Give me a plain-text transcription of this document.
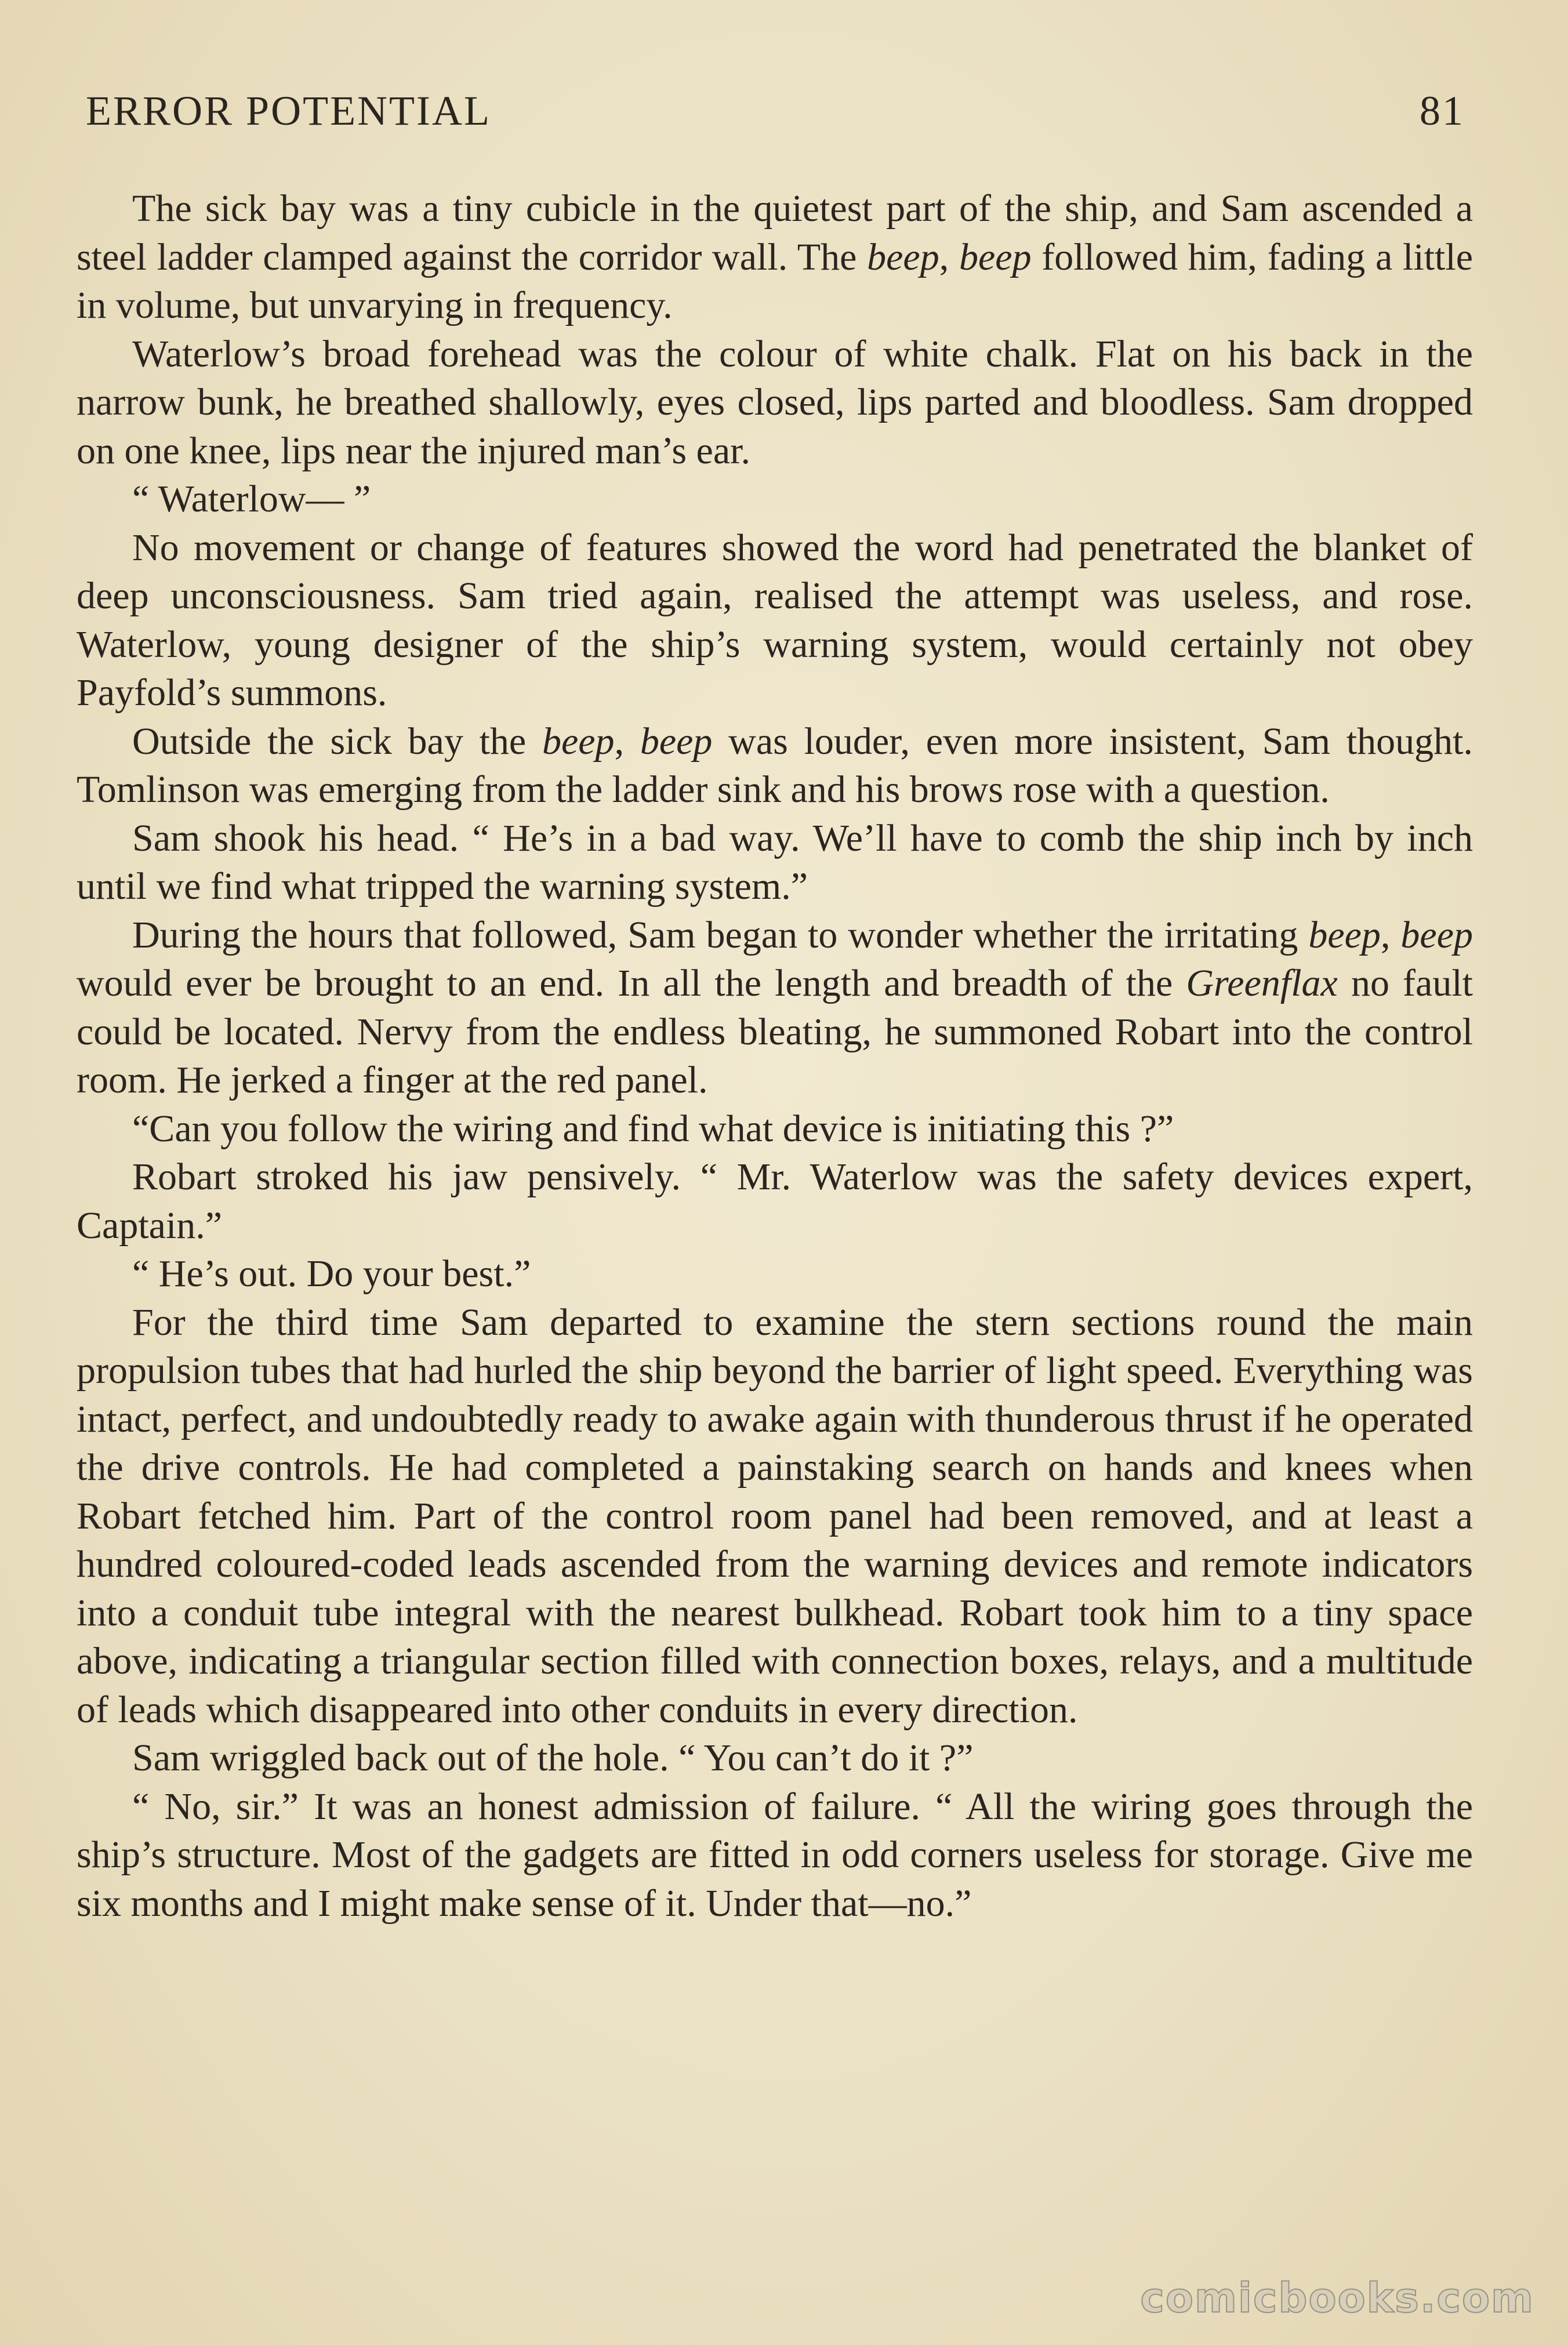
ERROR POTENTIAL	81

The sick bay was a tiny cubicle in the quietest part of the ship, and Sam ascended a steel ladder clamped against the corridor wall. The beep, beep followed him, fading a little in volume, but unvarying in frequency.

Waterlow’s broad forehead was the colour of white chalk. Flat on his back in the narrow bunk, he breathed shallowly, eyes closed, lips parted and bloodless. Sam dropped on one knee, lips near the injured man’s ear.

“ Waterlow— ”

No movement or change of features showed the word had penetrated the blanket of deep unconsciousness. Sam tried again, realised the attempt was useless, and rose. Waterlow, young designer of the ship’s warning system, would certainly not obey Payfold’s summons.

Outside the sick bay the beep, beep was louder, even more insistent, Sam thought. Tomlinson was emerging from the ladder sink and his brows rose with a question.

Sam shook his head. “ He’s in a bad way. We’ll have to comb the ship inch by inch until we find what tripped the warning system.”

During the hours that followed, Sam began to wonder whether the irritating beep, beep would ever be brought to an end. In all the length and breadth of the Greenflax no fault could be located. Nervy from the endless bleating, he summoned Robart into the control room. He jerked a finger at the red panel.

“Can you follow the wiring and find what device is initiating this ?”

Robart stroked his jaw pensively. “ Mr. Waterlow was the safety devices expert, Captain.”

“ He’s out. Do your best.”

For the third time Sam departed to examine the stern sections round the main propulsion tubes that had hurled the ship beyond the barrier of light speed. Everything was intact, perfect, and undoubtedly ready to awake again with thunderous thrust if he operated the drive controls. He had completed a painstaking search on hands and knees when Robart fetched him. Part of the control room panel had been removed, and at least a hundred coloured-coded leads ascended from the warning devices and remote indicators into a conduit tube integral with the nearest bulkhead. Robart took him to a tiny space above, indicating a triangular section filled with connection boxes, relays, and a multitude of leads which disappeared into other conduits in every direction.

Sam wriggled back out of the hole. “ You can’t do it ?”

“ No, sir.” It was an honest admission of failure. “ All the wiring goes through the ship’s structure. Most of the gadgets are fitted in odd corners useless for storage. Give me six months and I might make sense of it. Under that—no.”

comicbooks.com
